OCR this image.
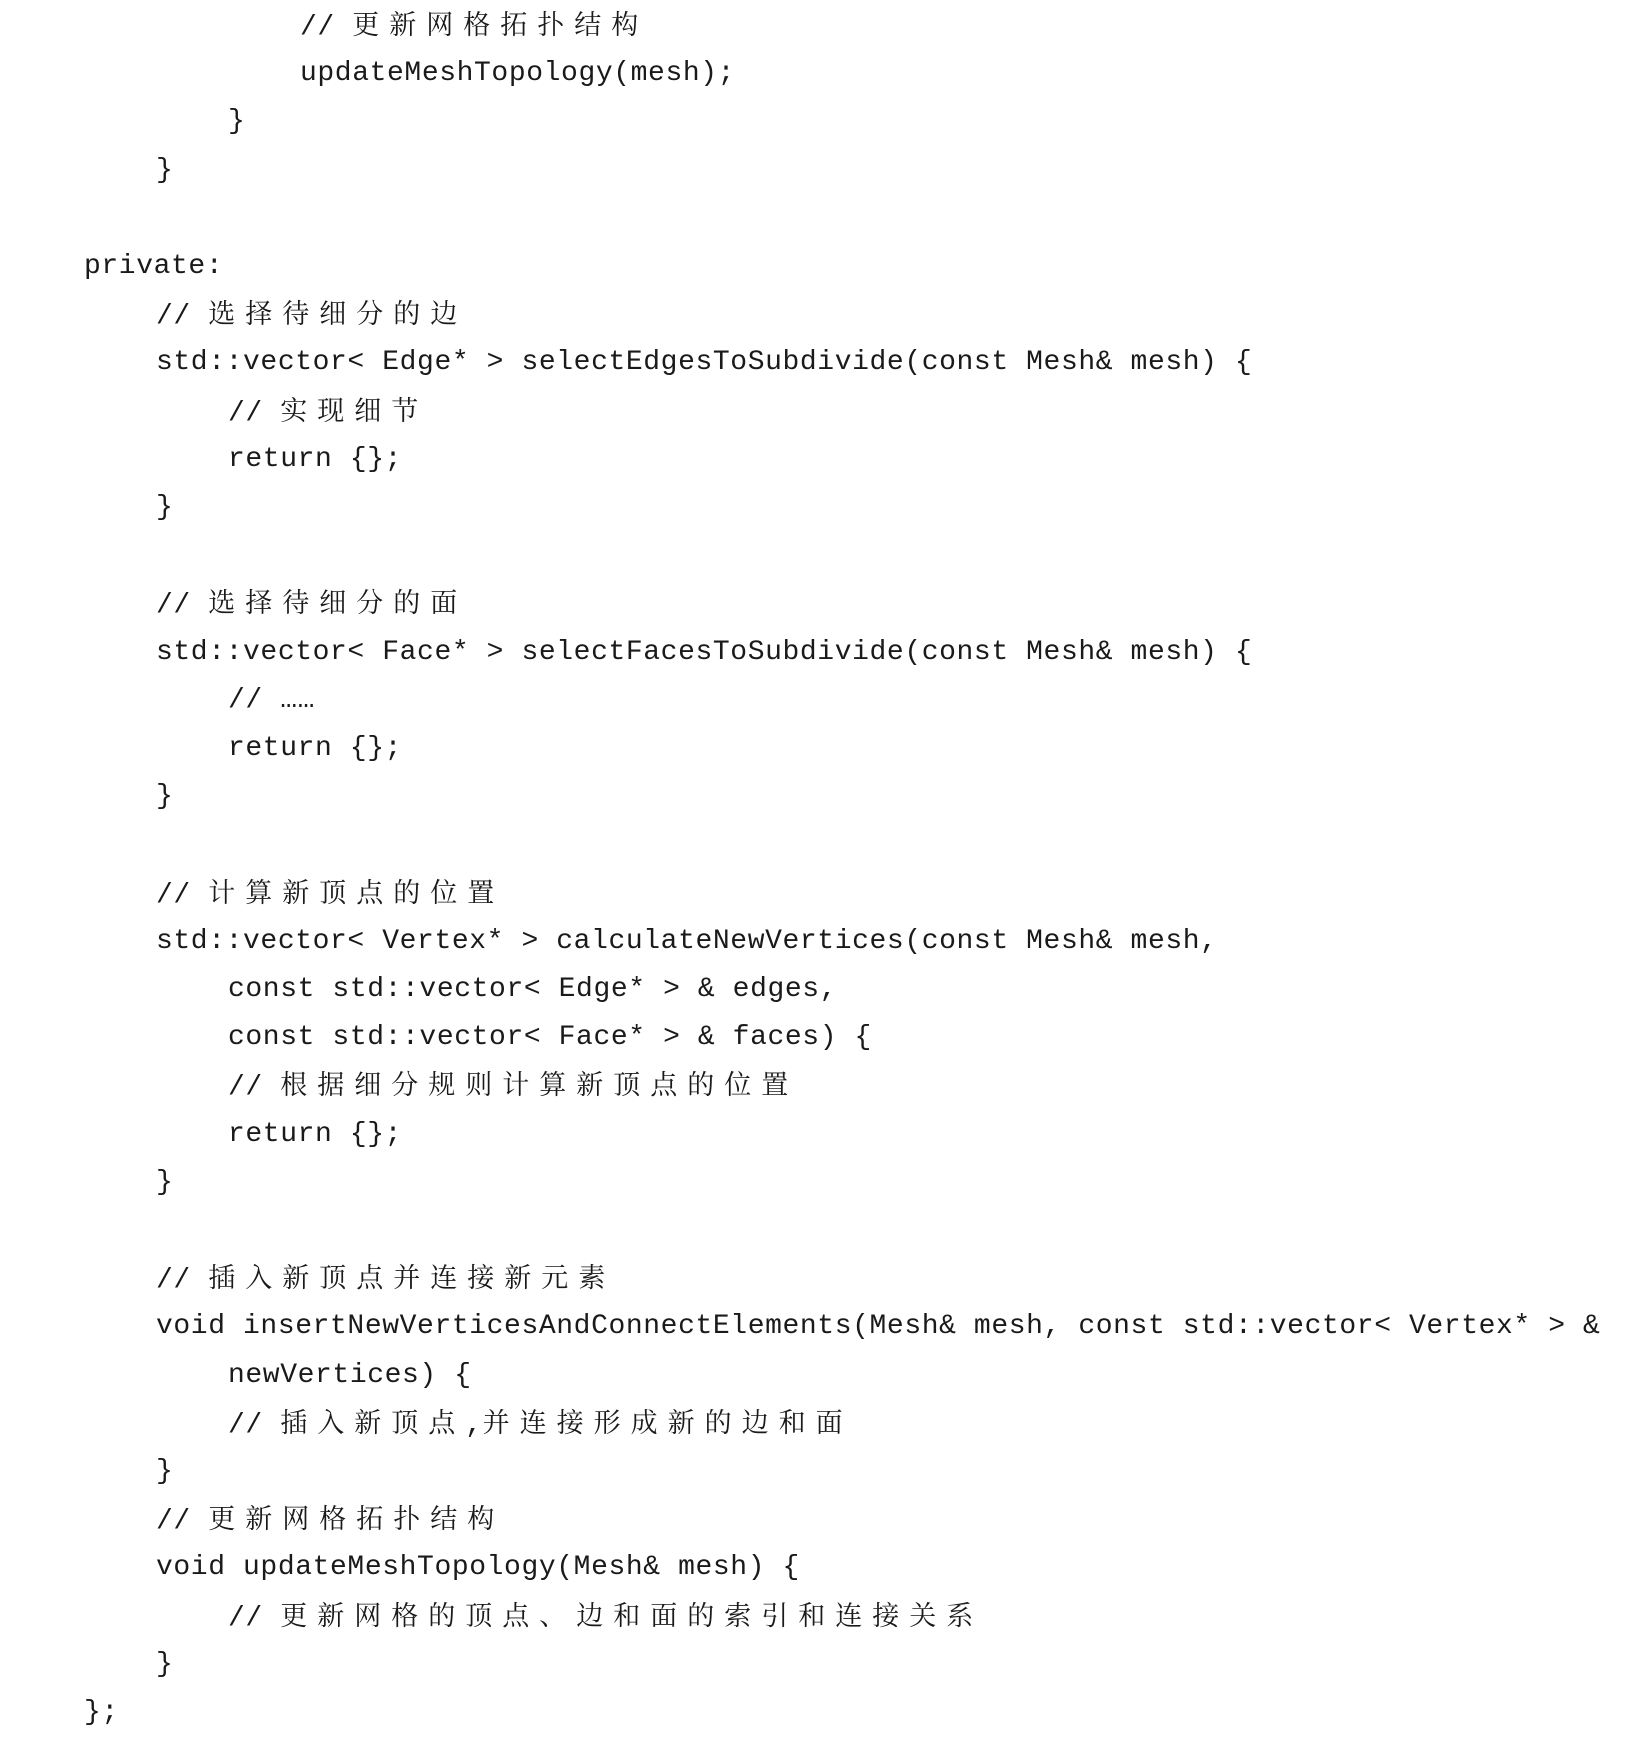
// 更新网格拓扑结构
updateMeshTopology(mesh);
}
}
private:
// 选择待细分的边
std::vector< Edge* > selectEdgesToSubdivide(const Mesh& mesh) {
// 实现细节
return {};
}
// 选择待细分的面
std::vector< Face* > selectFacesToSubdivide(const Mesh& mesh) {
// ……
return {};
}
// 计算新顶点的位置
std::vector< Vertex* > calculateNewVertices(const Mesh& mesh,
const std::vector< Edge* > & edges,
const std::vector< Face* > & faces) {
// 根据细分规则计算新顶点的位置
return {};
}
// 插入新顶点并连接新元素
void insertNewVerticesAndConnectElements(Mesh& mesh, const std::vector< Vertex* > &
newVertices) {
// 插入新顶点,并连接形成新的边和面
}
// 更新网格拓扑结构
void updateMeshTopology(Mesh& mesh) {
// 更新网格的顶点、边和面的索引和连接关系
}
};
